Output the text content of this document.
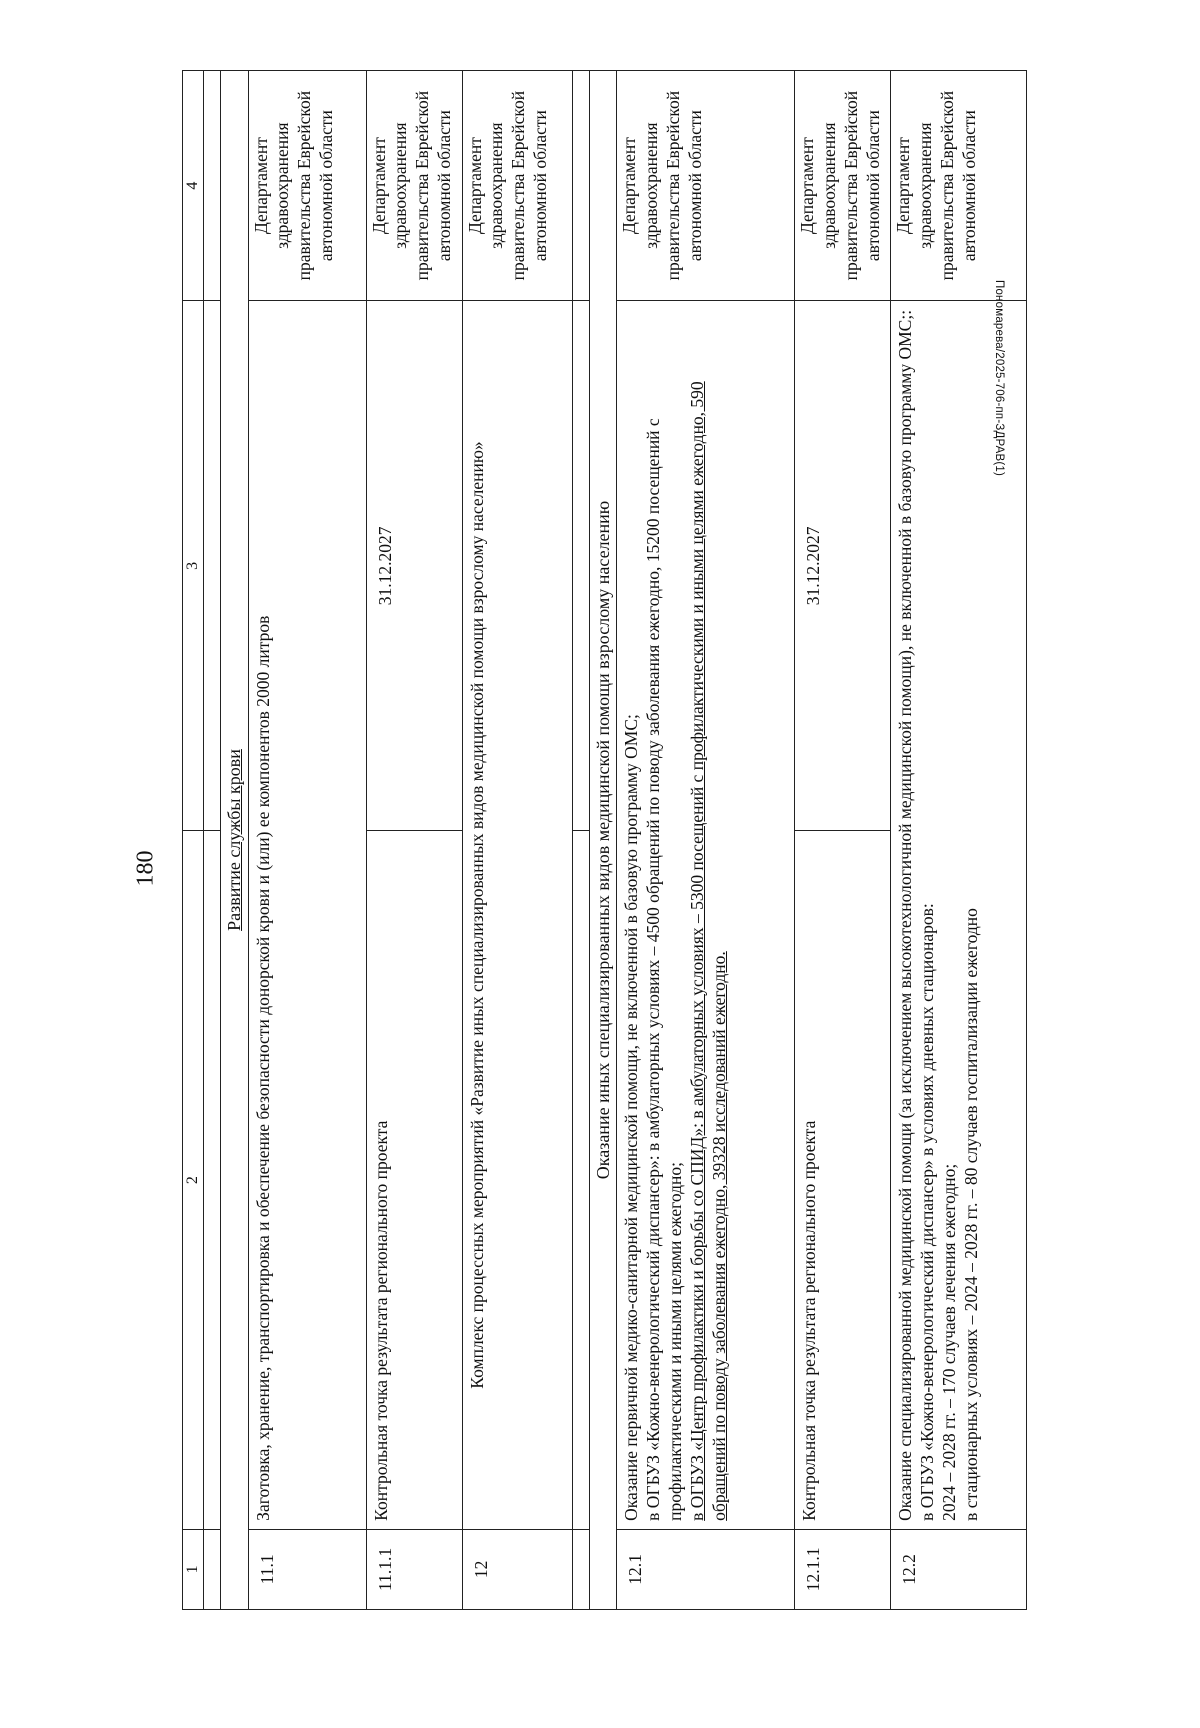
180
Пономарева/2025-706-пп-ЗДРАВ(1)
1	2	3	4

Развитие службы крови			
11.1	Заготовка, хранение, транспортировка и обеспечение безопасности донорской крови и (или) ее компонентов 2000 литров		Департамент здравоохранения правительства Еврейской автономной области
11.1.1	Контрольная точка результата регионального проекта	31.12.2027	Департамент здравоохранения правительства Еврейской автономной области
12	Комплекс процессных мероприятий «Развитие иных специализированных видов медицинской помощи взрослому населению»		Департамент здравоохранения правительства Еврейской автономной области

Оказание иных специализированных видов медицинской помощи взрослому населению			
12.1	Оказание первичной медико-санитарной медицинской помощи, не включенной в базовую программу ОМС; в ОГБУЗ «Кожно-венерологический диспансер»: в амбулаторных условиях – 4500 обращений по поводу заболевания ежегодно, 15200 посещений с профилактическими и иными целями ежегодно; в ОГБУЗ «Центр профилактики и борьбы со СПИД»: в амбулаторных условиях – 5300 посещений с профилактическими и иными целями ежегодно, 590 обращений по поводу заболевания ежегодно, 39328 исследований ежегодно.		Департамент здравоохранения правительства Еврейской автономной области
12.1.1	Контрольная точка результата регионального проекта	31.12.2027	Департамент здравоохранения правительства Еврейской автономной области
12.2	Оказание специализированной медицинской помощи (за исключением высокотехнологичной медицинской помощи), не включенной в базовую программу ОМС;: в ОГБУЗ «Кожно-венерологический диспансер» в условиях дневных стационаров: 2024 – 2028 гг. – 170 случаев лечения ежегодно; в стационарных условиях – 2024 – 2028 гг. – 80 случаев госпитализации ежегодно		Департамент здравоохранения правительства Еврейской автономной области
